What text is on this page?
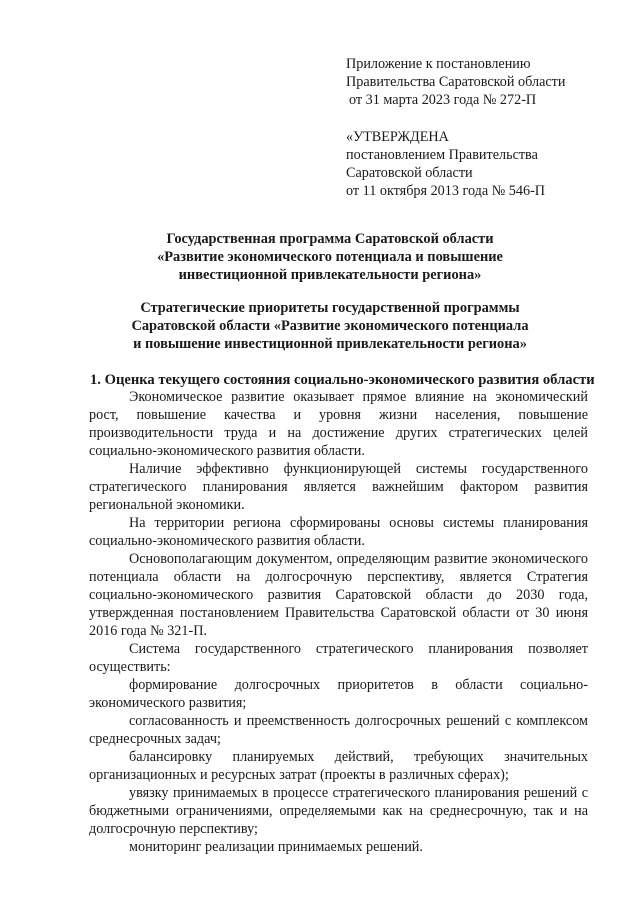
Приложение к постановлению
Правительства Саратовской области
от 31 марта 2023 года № 272-П
«УТВЕРЖДЕНА
постановлением Правительства
Саратовской области
от 11 октября 2013 года № 546-П
Государственная программа Саратовской области
«Развитие экономического потенциала и повышение
инвестиционной привлекательности региона»
Стратегические приоритеты государственной программы
Саратовской области «Развитие экономического потенциала
и повышение инвестиционной привлекательности региона»
1. Оценка текущего состояния социально-экономического развития области

Экономическое развитие оказывает прямое влияние на экономический рост, повышение качества и уровня жизни населения, повышение производительности труда и на достижение других стратегических целей социально-экономического развития области.

Наличие эффективно функционирующей системы государственного стратегического планирования является важнейшим фактором развития региональной экономики.

На территории региона сформированы основы системы планирования социально-экономического развития области.

Основополагающим документом, определяющим развитие экономического потенциала области на долгосрочную перспективу, является Стратегия социально-экономического развития Саратовской области до 2030 года, утвержденная постановлением Правительства Саратовской области от 30 июня 2016 года № 321-П.

Система государственного стратегического планирования позволяет осуществить:

формирование долгосрочных приоритетов в области социально-экономического развития;

согласованность и преемственность долгосрочных решений с комплексом среднесрочных задач;

балансировку планируемых действий, требующих значительных организационных и ресурсных затрат (проекты в различных сферах);

увязку принимаемых в процессе стратегического планирования решений с бюджетными ограничениями, определяемыми как на среднесрочную, так и на долгосрочную перспективу;

мониторинг реализации принимаемых решений.
